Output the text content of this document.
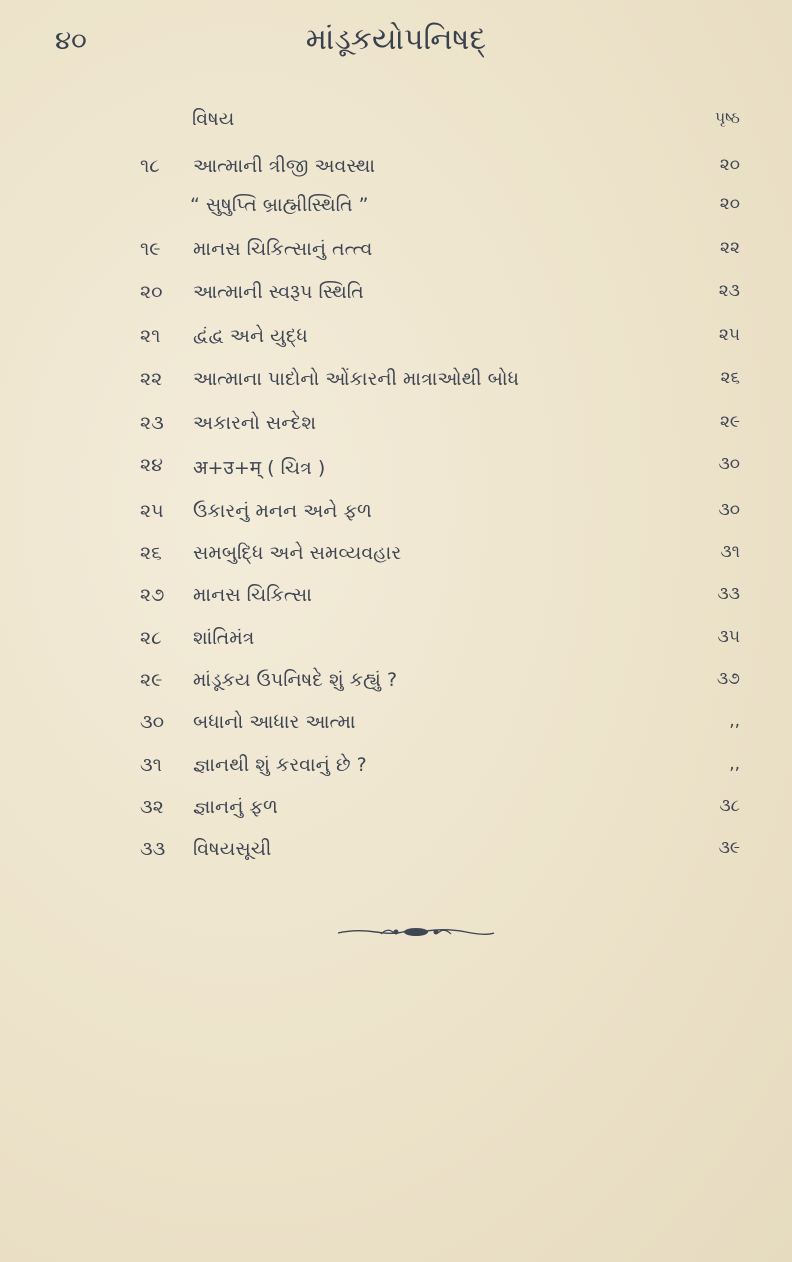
૪૦	માંડૂકયોપનિષદ્
વિષય	પૃષ્ઠ
૧૮ આત્માની ત્રીજી અવસ્થા	૨૦
“ સુષુપ્તિ બ્રાહ્મીસ્થિતિ ”	૨૦
૧૯ માનસ ચિકિત્સાનું તત્ત્વ	૨૨
૨૦ આત્માની સ્વરૂપ સ્થિતિ	૨૩
૨૧ દ્વંદ્વ અને યુદ્ધ	૨૫
૨૨ આત્માના પાદોનો ઓંકારની માત્રાઓથી બોધ	૨૬
૨૩ અકારનો સન્દેશ	૨૯
૨૪ अ+उ+म् ( ચિત્ર )	૩૦
૨૫ ઉકારનું મનન અને ફળ	૩૦
૨૬ સમબુદ્ધિ અને સમવ્યવહાર	૩૧
૨૭ માનસ ચિકિત્સા	૩૩
૨૮ શાંતિમંત્ર	૩૫
૨૯ માંડૂકય ઉપનિષદે શું કહ્યું ?	૩૭
૩૦ બધાનો આધાર આત્મા	,,
૩૧ જ્ઞાનથી શું કરવાનું છે ?	,,
૩૨ જ્ઞાનનું ફળ	૩૮
૩૩ વિષયસૂચી	૩૯
